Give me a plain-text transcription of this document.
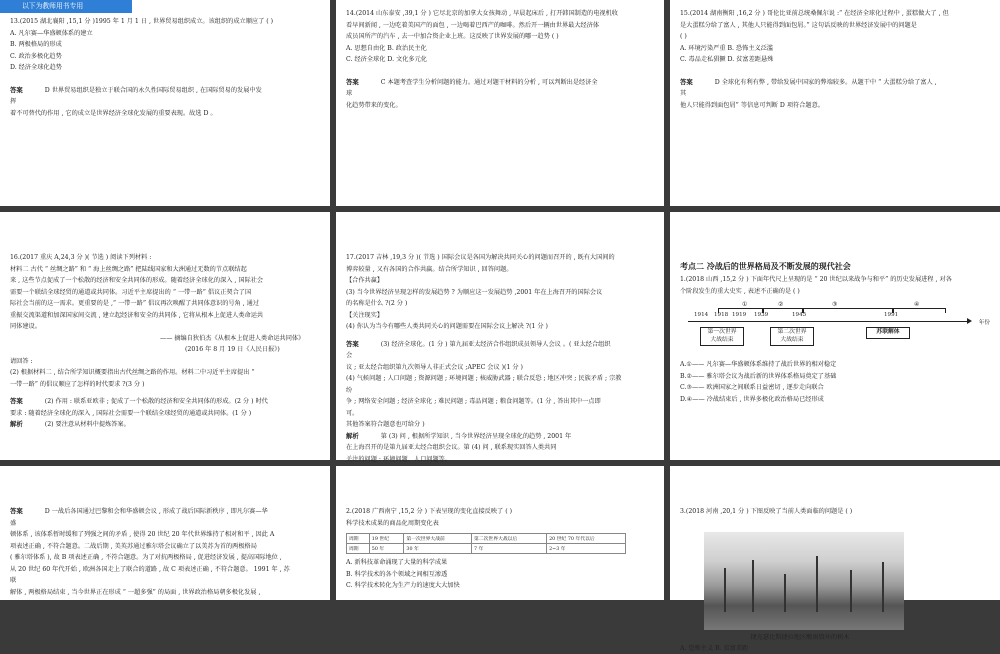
以下为教师用书专用
13.(2015 湖北襄阳 ,15,1 分 )1995 年 1 月 1 日 , 世界贸易组织成立。该组织的成立顺应了 ( )
A. 凡尔赛—华盛顿体系的建立
B. 两极格局的形成
C. 政治多极化趋势
D. 经济全球化趋势
答案	D 世界贸易组织是独立于联合国的永久性国际贸易组织 , 在国际贸易的发展中发
挥
着不可替代的作用 , 它的成立是世界经济全球化发展的重要表现。故选 D 。
14.(2014 山东泰安 ,39,1 分 ) 它尽北京的加拿大女孩舞动 , 早晨起床后 , 打开韩国制造的电视机收
看早间新闻 , 一边吃着美国产的面包 , 一边喝着巴西产的咖啡。然后开一辆由世界最大经济体
成员国所产的汽车 , 去一中加合资企业上班。这反映了世界发展的哪一趋势 ( )
A. 思想自由化 B. 政治民主化
C. 经济全球化 D. 文化多元化
答案	C 本题考查学生分析问题的能力。通过对题干材料的分析 , 可以判断出是经济全
球
化趋势带来的变化。
15.(2014 湖南衡阳 ,16,2 分 ) 哥伦比亚前总统桑佩尔说 :“ 在经济全球化过程中 , 蛋糕做大了 , 但
是大蛋糕分给了富人 , 其他人只能得到面包屑。” 这句话反映的世界经济发展中的问题是
( )
A. 环境污染严重 B. 恐怖主义泛滥
C. 毒品走私猖獗 D. 贫富差距悬殊
答案	D 全球化有利有弊 , 带给发展中国家的弊端较多。从题干中 “ 大蛋糕分给了富人 ,
其
他人只能得到面包屑” 等信息可判断 D 项符合题意。
16.(2017 重庆 A,24,3 分 )( 节选 ) 阅读下列材料 :
材料二 古代 “ 丝绸之路” 和 “ 海上丝绸之路” 把陆线国家和大洲通过无数的节点联结起
来 , 这些节点促成了一个松散的经济和安全共同体的形成。随着经济全球化的深入 , 国际社会
需要一个联结全球经贸的通道或共同体。习近平主席提出的 “ 一带一路” 倡议正契合了国
际社会当前的这一需求。更重要的是 ,“ 一带一路” 倡议再次唤醒了共同体意识的号角 , 通过
重振交流渠道和加深国家间交流 , 建立起经济和安全的共同体 , 它将从根本上促进人类命运共
同体建设。
—— 摘编自狄伯杰《从根本上促进人类命运共同体》
(2016 年 8 月 19 日《人民日报》)
请回答 :
(2) 根据材料二 , 结合所学知识概要指出古代丝绸之路的作用。材料二中习近平主席提出 “
一带一路” 的倡议顺应了怎样的时代要求 ?(3 分 )
答案	(2) 作用 : 联系亚欧非 ; 促成了一个松散的经济和安全共同体的形成。(2 分 ) 时代
要求 : 随着经济全球化的深入 , 国际社会需要一个联结全球经贸的通道或共同体。(1 分 )
解析	(2) 要注意从材料中提炼答案。
17.(2017 吉林 ,19,3 分 )( 节选 ) 国际会议是各国为解决共同关心的问题而召开的 , 既有大国间的
博弈较量 , 又有各国的合作共赢。结合所学知识 , 回答问题。
【合作共赢】
(3) 当今世界经济呈现怎样的发展趋势 ? 为顺应这一发展趋势 ,2001 年在上海召开的国际会议
的名称是什么 ?(2 分 )
【关注现实】
(4) 你认为当今有哪些人类共同关心的问题需要在国际会议上解决 ?(1 分 )
答案	(3) 经济全球化。(1 分 ) 第九届亚太经济合作组织成员领导人会议 。( 亚太经合组织
会
议 ; 亚太经合组织第九次领导人非正式会议 ;APEC 会议 )(1 分 )
(4) 气候问题 ; 人口问题 ; 资源问题 ; 环境问题 ; 核威胁武器 ; 联合反恐 ; 地区冲突 ; 民族矛盾 ; 宗教
纷
争 ; 网络安全问题 ; 经济全球化 ; 难民问题 ; 毒品问题 ; 粮食问题等。(1 分 , 答出其中一点即
可。
其他答案符合题意也可给分 )
解析	第 (3) 问 , 根据所学知识 , 当今世界经济呈现全球化的趋势 , 2001 年
在上海召开的是第九届亚太经合组织会议。第 (4) 问 , 联系现实回答人类共同
关注的问题 : 环境问题、人口问题等。
考点二 冷战后的世界格局及不断发展的现代社会
1.(2018 山西 ,15,2 分 ) 下面年代尺上呈现的是 “ 20 世纪以来战争与和平” 的历史发展进程 , 对各
个阶段发生的重大史实 , 表述不正确的是 ( )
①	②	③	④
1914 1918 1919 1939	1945	1991
年份
第一次世界大战结束
第二次世界大战结束
苏联解体
A.①—— 凡尔赛—华盛顿体系维持了战后世界的相对稳定
B.②—— 雅尔塔会议为战后新的世界体系格局奠定了基础
C.③—— 欧洲国家之间联系日益密切 , 逐步走向联合
D.④—— 冷战结束后 , 世界多极化政治格局已经形成
答案	D 一战后各国通过巴黎和会和华盛顿会议 , 形成了战后国际新秩序 , 即凡尔赛—华
盛
顿体系 , 该体系暂时缓和了列强之间的矛盾 , 使得 20 世纪 20 年代世界维持了相对和平 , 因此 A
项表述正确 , 不符合题意。二战后期 , 美英苏通过雅尔塔会议确立了以美苏为首的两极格局
( 雅尔塔体系 ), 故 B 项表述正确 , 不符合题意。为了对抗两极格局 , 促进经济发展 , 提高国际地位 ,
从 20 世纪 60 年代开始 , 欧洲各国走上了联合的道路 , 故 C 项表述正确 , 不符合题意。 1991 年 , 苏
联
解体 , 两极格局结束 , 当今世界正在形成 “ 一超多强” 的局面 , 世界政治格局朝多极化发展 ,
2.(2018 广西南宁 ,15,2 分 ) 下表呈现的变化直接反映了 ( )
科学技术成果的商品化周期变化表
周期	19 世纪	第一次世界大战前	第二次世界大战以后	20 世纪 70 年代以后
周期	50 年	30 年	7 年	2~3 年
A. 新科技革命涌现了大量的科学成果
B. 科学技术的各个领域之间相互渗透
C. 科学技术转化为生产力的速度大大加快
3.(2018 河南 ,20,1 分 ) 下图反映了当前人类面临的问题是 ( )
捷克瑟比斯捷拉地区酸雨毁坏的树木
A. 恐怖主义 B. 贫富差距
